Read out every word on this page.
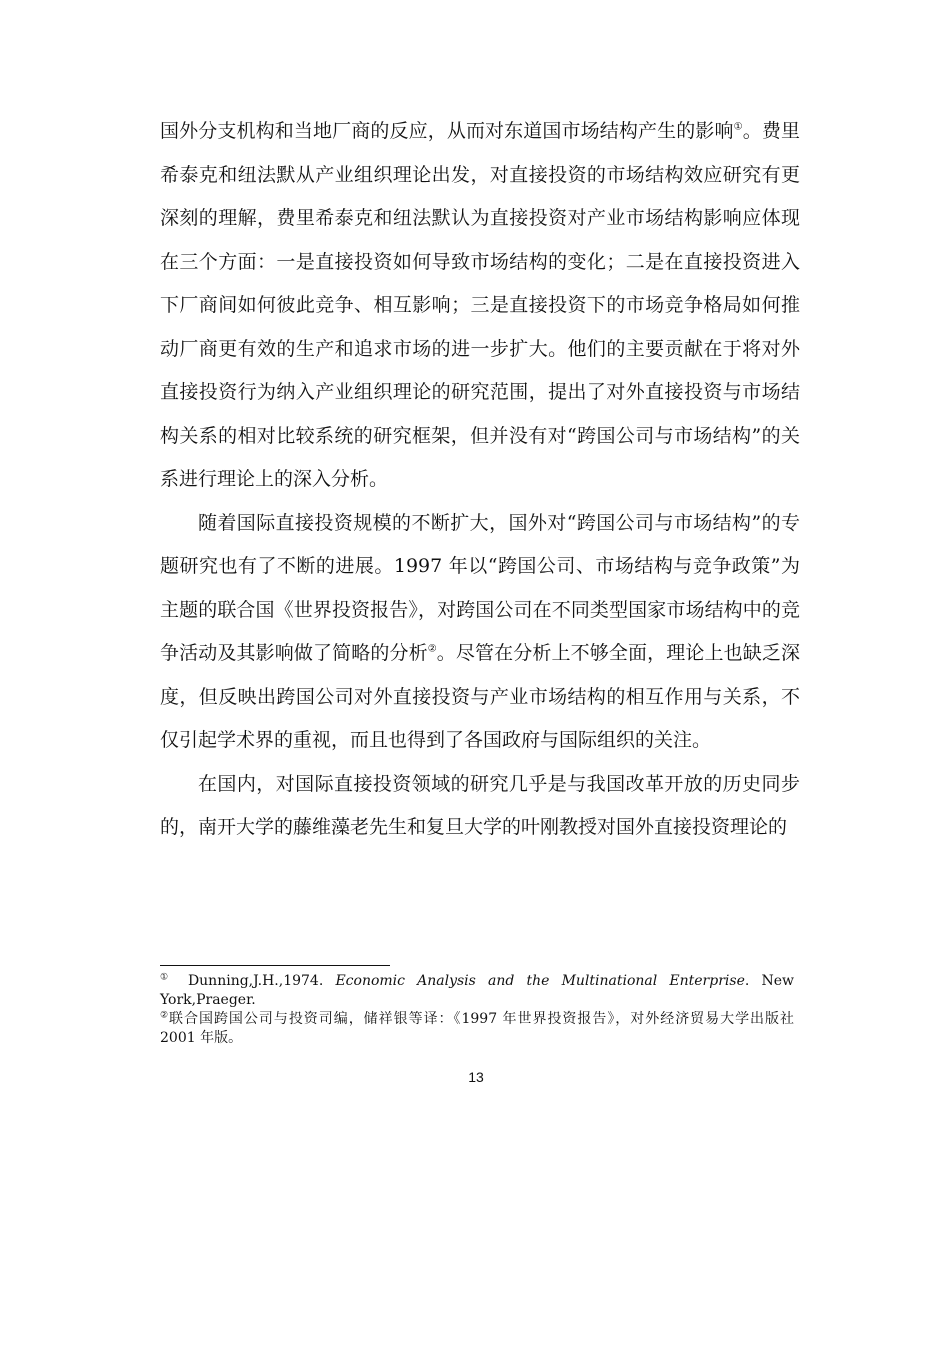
国外分支机构和当地厂商的反应，从而对东道国市场结构产生的影响①。费里希泰克和纽法默从产业组织理论出发，对直接投资的市场结构效应研究有更深刻的理解，费里希泰克和纽法默认为直接投资对产业市场结构影响应体现在三个方面：一是直接投资如何导致市场结构的变化；二是在直接投资进入下厂商间如何彼此竞争、相互影响；三是直接投资下的市场竞争格局如何推动厂商更有效的生产和追求市场的进一步扩大。他们的主要贡献在于将对外直接投资行为纳入产业组织理论的研究范围，提出了对外直接投资与市场结构关系的相对比较系统的研究框架，但并没有对“跨国公司与市场结构”的关系进行理论上的深入分析。

随着国际直接投资规模的不断扩大，国外对“跨国公司与市场结构”的专题研究也有了不断的进展。1997 年以“跨国公司、市场结构与竞争政策”为主题的联合国《世界投资报告》，对跨国公司在不同类型国家市场结构中的竞争活动及其影响做了简略的分析②。尽管在分析上不够全面，理论上也缺乏深度，但反映出跨国公司对外直接投资与产业市场结构的相互作用与关系，不仅引起学术界的重视，而且也得到了各国政府与国际组织的关注。

在国内，对国际直接投资领域的研究几乎是与我国改革开放的历史同步的，南开大学的藤维藻老先生和复旦大学的叶刚教授对国外直接投资理论的

① Dunning,J.H.,1974. Economic Analysis and the Multinational Enterprise. New York,Praeger.

②联合国跨国公司与投资司编，储祥银等译：《1997 年世界投资报告》，对外经济贸易大学出版社 2001 年版。

13
